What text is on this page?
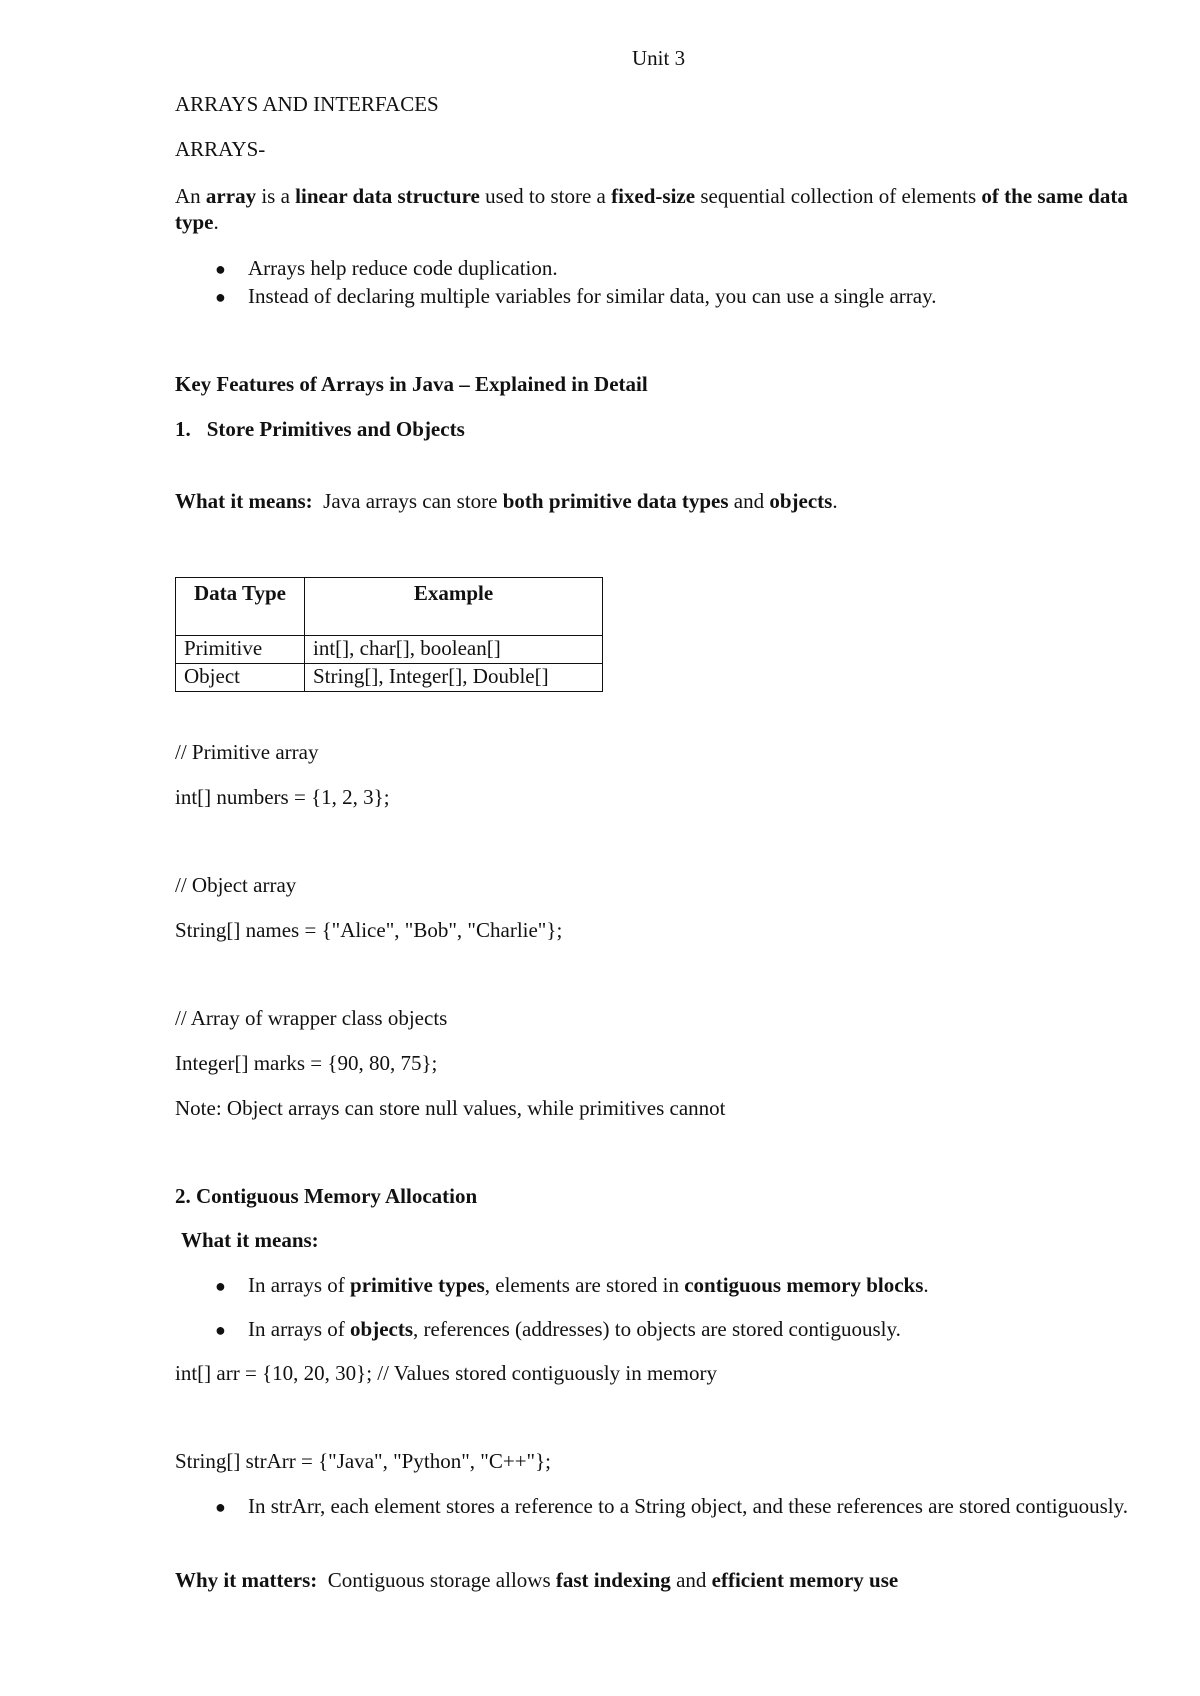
Unit 3
ARRAYS AND INTERFACES
ARRAYS-
An array is a linear data structure used to store a fixed-size sequential collection of elements of the same data type.
● Arrays help reduce code duplication.
● Instead of declaring multiple variables for similar data, you can use a single array.
Key Features of Arrays in Java – Explained in Detail
1. Store Primitives and Objects
What it means: Java arrays can store both primitive data types and objects.
Data Type	Example
Primitive	int[], char[], boolean[]
Object	String[], Integer[], Double[]
// Primitive array
int[] numbers = {1, 2, 3};
// Object array
String[] names = {"Alice", "Bob", "Charlie"};
// Array of wrapper class objects
Integer[] marks = {90, 80, 75};
Note: Object arrays can store null values, while primitives cannot
2. Contiguous Memory Allocation
What it means:
● In arrays of primitive types, elements are stored in contiguous memory blocks.
● In arrays of objects, references (addresses) to objects are stored contiguously.
int[] arr = {10, 20, 30}; // Values stored contiguously in memory
String[] strArr = {"Java", "Python", "C++"};
● In strArr, each element stores a reference to a String object, and these references are stored contiguously.
Why it matters: Contiguous storage allows fast indexing and efficient memory use
